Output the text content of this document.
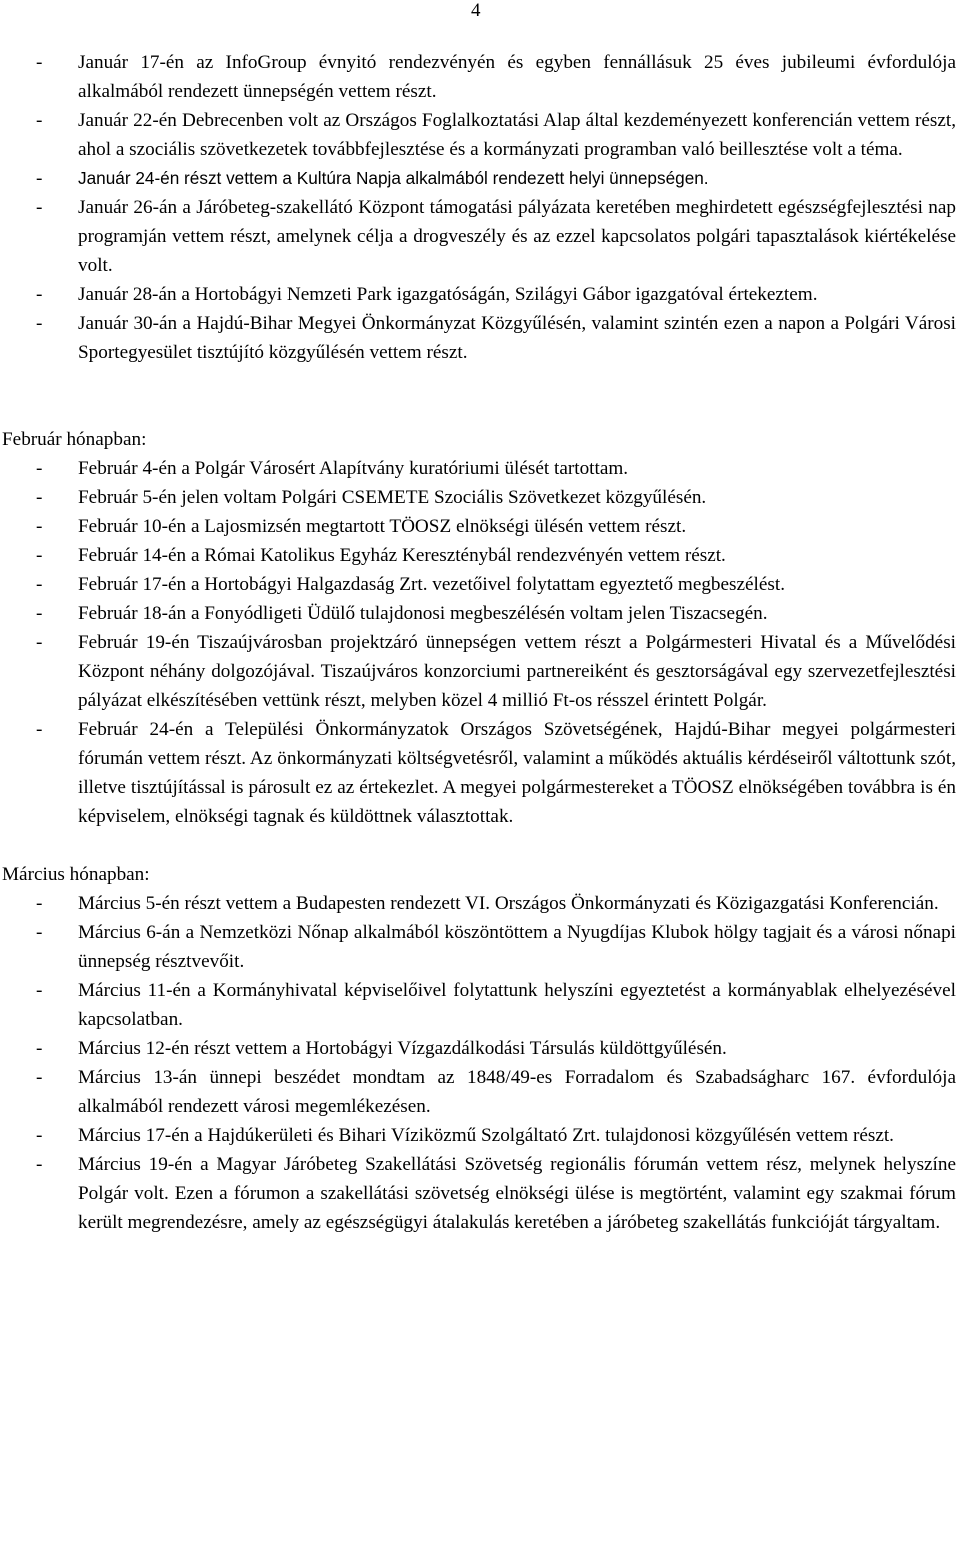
4
- Január 17-én az InfoGroup évnyitó rendezvényén és egyben fennállásuk 25 éves jubileumi évfordulója alkalmából rendezett ünnepségén vettem részt.
- Január 22-én Debrecenben volt az Országos Foglalkoztatási Alap által kezdeményezett konferencián vettem részt, ahol a szociális szövetkezetek továbbfejlesztése és a kormányzati programban való beillesztése volt a téma.
- Január 24-én részt vettem a Kultúra Napja alkalmából rendezett helyi ünnepségen.
- Január 26-án a Járóbeteg-szakellátó Központ támogatási pályázata keretében meghirdetett egészségfejlesztési nap programján vettem részt, amelynek célja a drogveszély és az ezzel kapcsolatos polgári tapasztalások kiértékelése volt.
- Január 28-án a Hortobágyi Nemzeti Park igazgatóságán, Szilágyi Gábor igazgatóval értekeztem.
- Január 30-án a Hajdú-Bihar Megyei Önkormányzat Közgyűlésén, valamint szintén ezen a napon a Polgári Városi Sportegyesület tisztújító közgyűlésén vettem részt.
Február hónapban:
- Február 4-én a Polgár Városért Alapítvány kuratóriumi ülését tartottam.
- Február 5-én jelen voltam Polgári CSEMETE Szociális Szövetkezet közgyűlésén.
- Február 10-én a Lajosmizsén megtartott TÖOSZ elnökségi ülésén vettem részt.
- Február 14-én a Római Katolikus Egyház Kereszténybál rendezvényén vettem részt.
- Február 17-én a Hortobágyi Halgazdaság Zrt. vezetőivel folytattam egyeztető megbeszélést.
- Február 18-án a Fonyódligeti Üdülő tulajdonosi megbeszélésén voltam jelen Tiszacsegén.
- Február 19-én Tiszaújvárosban projektzáró ünnepségen vettem részt a Polgármesteri Hivatal és a Művelődési Központ néhány dolgozójával. Tiszaújváros konzorciumi partnereiként és gesztorságával egy szervezetfejlesztési pályázat elkészítésében vettünk részt, melyben közel 4 millió Ft-os résszel érintett Polgár.
- Február 24-én a Települési Önkormányzatok Országos Szövetségének, Hajdú-Bihar megyei polgármesteri fórumán vettem részt. Az önkormányzati költségvetésről, valamint a működés aktuális kérdéseiről váltottunk szót, illetve tisztújítással is párosult ez az értekezlet. A megyei polgármestereket a TÖOSZ elnökségében továbbra is én képviselem, elnökségi tagnak és küldöttnek választottak.
Március hónapban:
- Március 5-én részt vettem a Budapesten rendezett VI. Országos Önkormányzati és Közigazgatási Konferencián.
- Március 6-án a Nemzetközi Nőnap alkalmából köszöntöttem a Nyugdíjas Klubok hölgy tagjait és a városi nőnapi ünnepség résztvevőit.
- Március 11-én a Kormányhivatal képviselőivel folytattunk helyszíni egyeztetést a kormányablak elhelyezésével kapcsolatban.
- Március 12-én részt vettem a Hortobágyi Vízgazdálkodási Társulás küldöttgyűlésén.
- Március 13-án ünnepi beszédet mondtam az 1848/49-es Forradalom és Szabadságharc 167. évfordulója alkalmából rendezett városi megemlékezésen.
- Március 17-én a Hajdúkerületi és Bihari Víziközmű Szolgáltató Zrt. tulajdonosi közgyűlésén vettem részt.
- Március 19-én a Magyar Járóbeteg Szakellátási Szövetség regionális fórumán vettem rész, melynek helyszíne Polgár volt. Ezen a fórumon a szakellátási szövetség elnökségi ülése is megtörtént, valamint egy szakmai fórum került megrendezésre, amely az egészségügyi átalakulás keretében a járóbeteg szakellátás funkcióját tárgyaltam.
